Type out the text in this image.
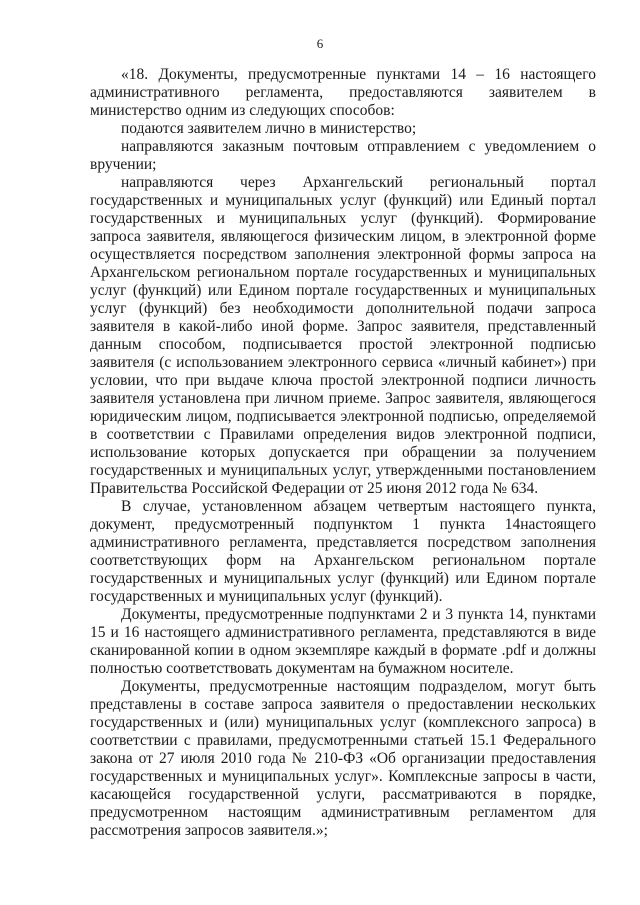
6

«18. Документы, предусмотренные пунктами 14 – 16 настоящего административного регламента, предоставляются заявителем в министерство одним из следующих способов:

подаются заявителем лично в министерство;

направляются заказным почтовым отправлением с уведомлением о вручении;

направляются через Архангельский региональный портал государственных и муниципальных услуг (функций) или Единый портал государственных и муниципальных услуг (функций). Формирование запроса заявителя, являющегося физическим лицом, в электронной форме осуществляется посредством заполнения электронной формы запроса на Архангельском региональном портале государственных и муниципальных услуг (функций) или Едином портале государственных и муниципальных услуг (функций) без необходимости дополнительной подачи запроса заявителя в какой-либо иной форме. Запрос заявителя, представленный данным способом, подписывается простой электронной подписью заявителя (с использованием электронного сервиса «личный кабинет») при условии, что при выдаче ключа простой электронной подписи личность заявителя установлена при личном приеме. Запрос заявителя, являющегося юридическим лицом, подписывается электронной подписью, определяемой в соответствии с Правилами определения видов электронной подписи, использование которых допускается при обращении за получением государственных и муниципальных услуг, утвержденными постановлением Правительства Российской Федерации от 25 июня 2012 года № 634.

В случае, установленном абзацем четвертым настоящего пункта, документ, предусмотренный подпунктом 1 пункта 14настоящего административного регламента, представляется посредством заполнения соответствующих форм на Архангельском региональном портале государственных и муниципальных услуг (функций) или Едином портале государственных и муниципальных услуг (функций).

Документы, предусмотренные подпунктами 2 и 3 пункта 14, пунктами 15 и 16 настоящего административного регламента, представляются в виде сканированной копии в одном экземпляре каждый в формате .pdf и должны полностью соответствовать документам на бумажном носителе.

Документы, предусмотренные настоящим подразделом, могут быть представлены в составе запроса заявителя о предоставлении нескольких государственных и (или) муниципальных услуг (комплексного запроса) в соответствии с правилами, предусмотренными статьей 15.1 Федерального закона от 27 июля 2010 года № 210-ФЗ «Об организации предоставления государственных и муниципальных услуг». Комплексные запросы в части, касающейся государственной услуги, рассматриваются в порядке, предусмотренном настоящим административным регламентом для рассмотрения запросов заявителя.»;
